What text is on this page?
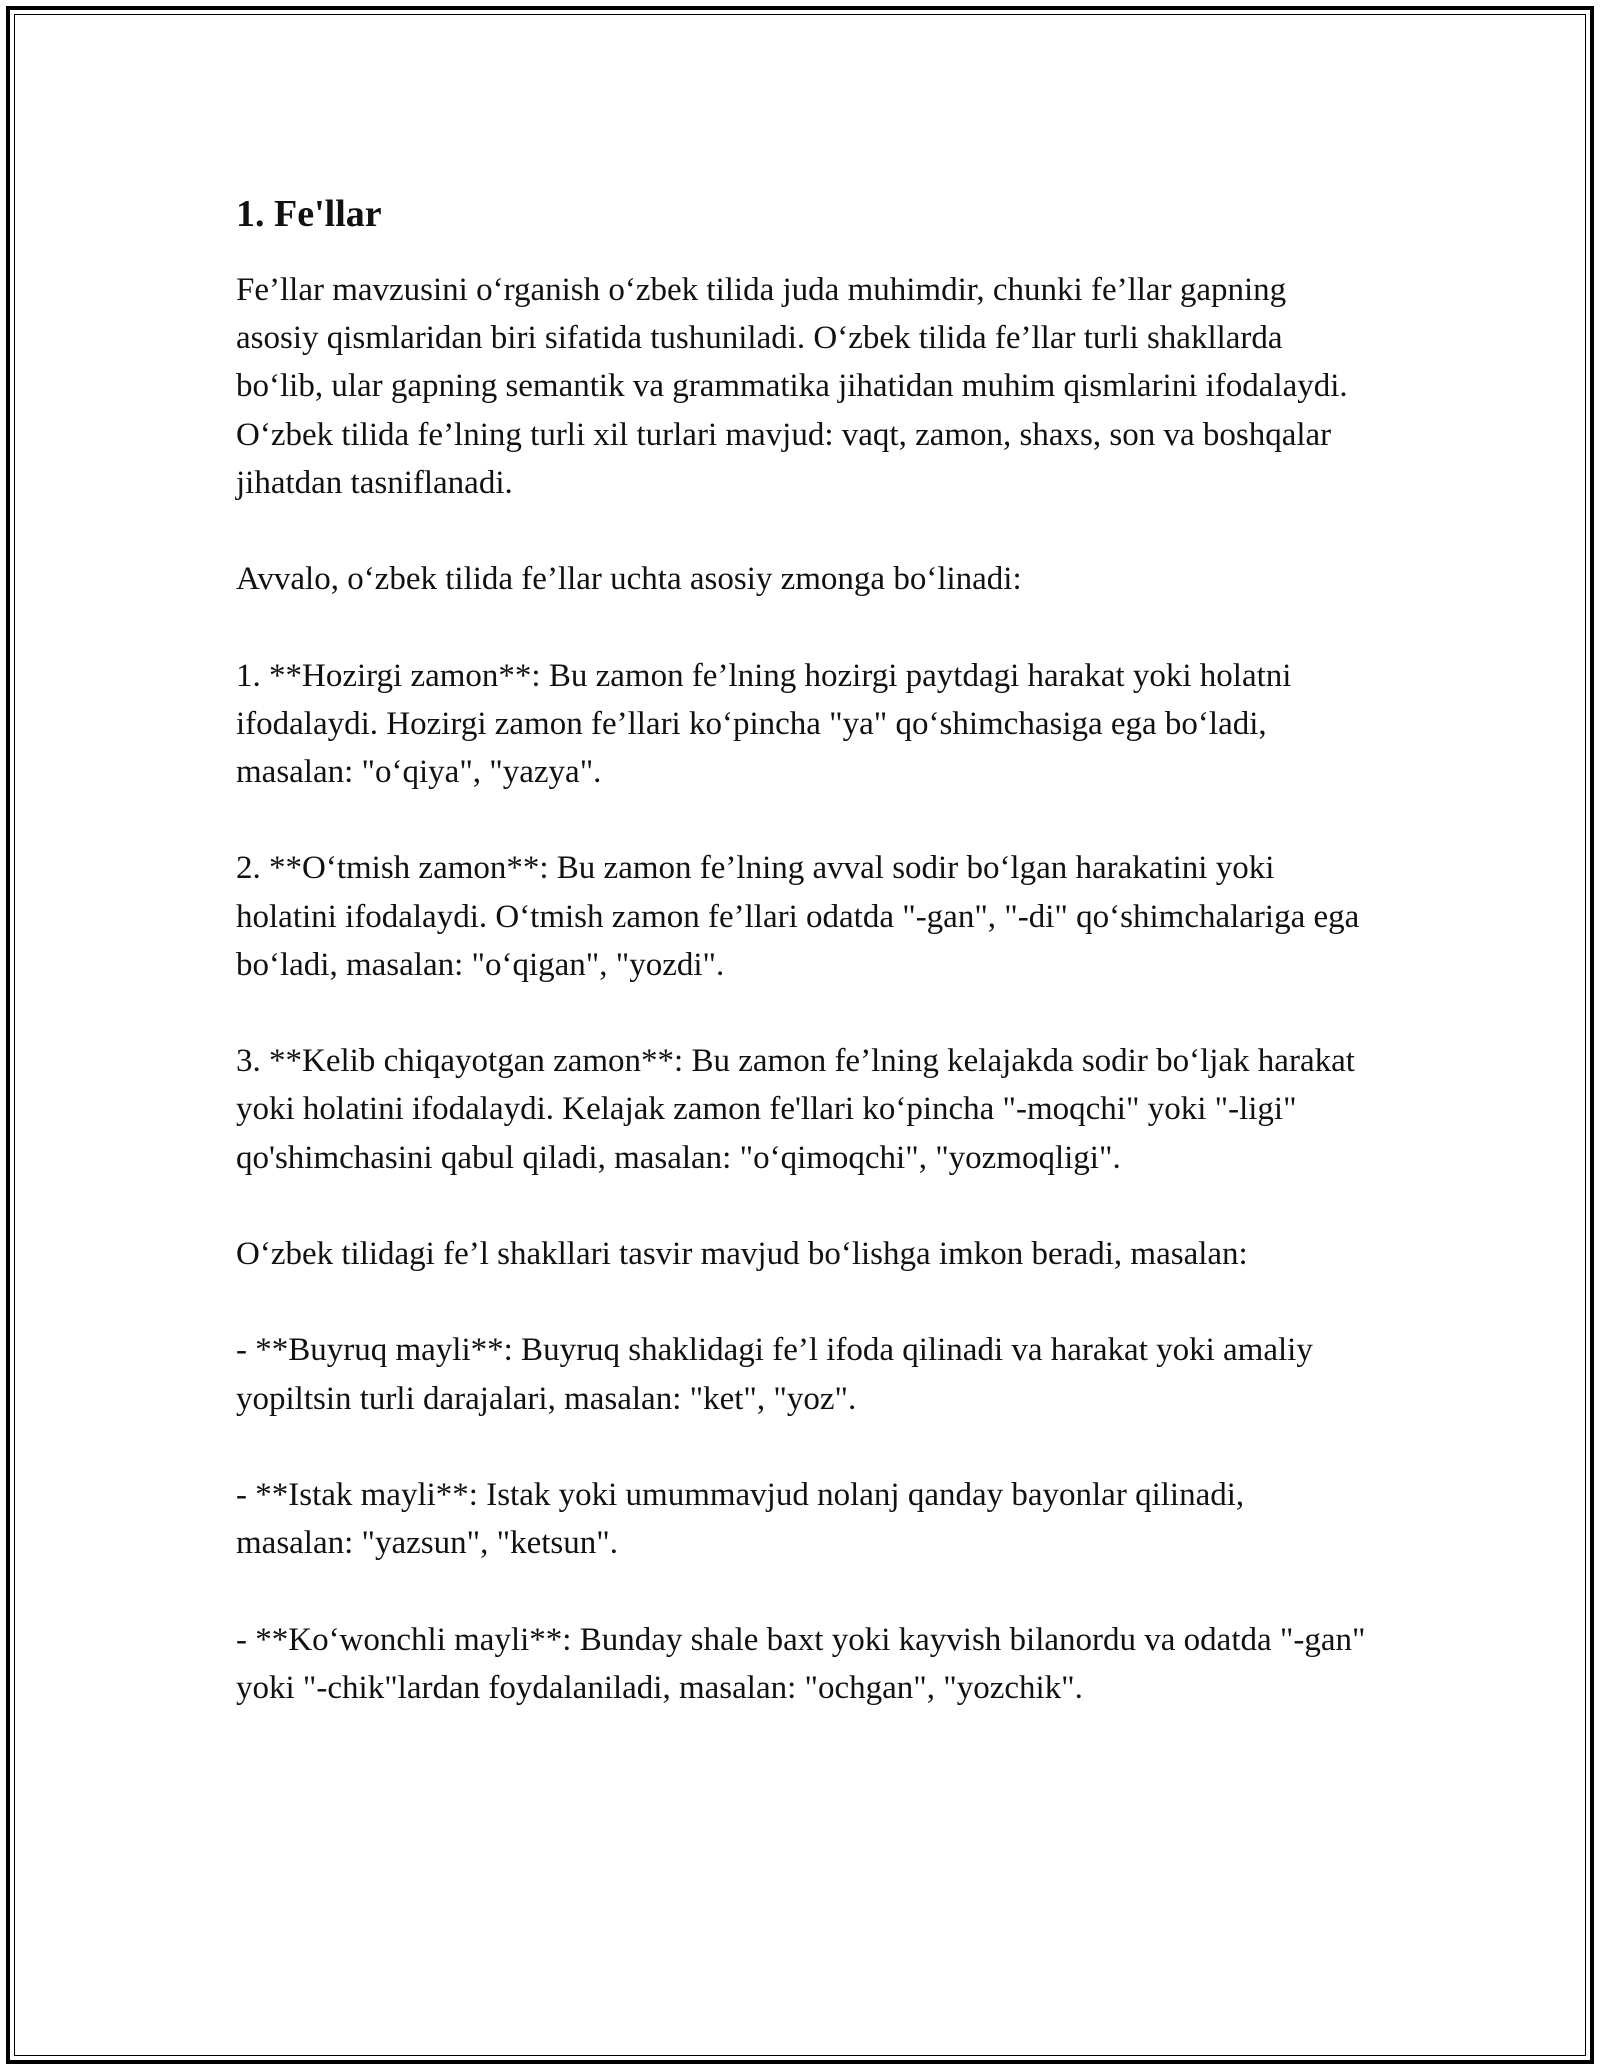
1. Fe'llar

Fe’llar mavzusini o‘rganish o‘zbek tilida juda muhimdir, chunki fe’llar gapning asosiy qismlaridan biri sifatida tushuniladi. O‘zbek tilida fe’llar turli shakllarda bo‘lib, ular gapning semantik va grammatika jihatidan muhim qismlarini ifodalaydi. O‘zbek tilida fe’lning turli xil turlari mavjud: vaqt, zamon, shaxs, son va boshqalar jihatdan tasniflanadi.

Avvalo, o‘zbek tilida fe’llar uchta asosiy zmonga bo‘linadi:

1. **Hozirgi zamon**: Bu zamon fe’lning hozirgi paytdagi harakat yoki holatni ifodalaydi. Hozirgi zamon fe’llari ko‘pincha "ya" qo‘shimchasiga ega bo‘ladi, masalan: "o‘qiya", "yazya".

2. **O‘tmish zamon**: Bu zamon fe’lning avval sodir bo‘lgan harakatini yoki holatini ifodalaydi. O‘tmish zamon fe’llari odatda "-gan", "-di" qo‘shimchalariga ega bo‘ladi, masalan: "o‘qigan", "yozdi".

3. **Kelib chiqayotgan zamon**: Bu zamon fe’lning kelajakda sodir bo‘ljak harakat yoki holatini ifodalaydi. Kelajak zamon fe'llari ko‘pincha "-moqchi" yoki "-ligi" qo'shimchasini qabul qiladi, masalan: "o‘qimoqchi", "yozmoqligi".

O‘zbek tilidagi fe’l shakllari tasvir mavjud bo‘lishga imkon beradi, masalan:

- **Buyruq mayli**: Buyruq shaklidagi fe’l ifoda qilinadi va harakat yoki amaliy yopiltsin turli darajalari, masalan: "ket", "yoz".

- **Istak mayli**: Istak yoki umummavjud nolanj qanday bayonlar qilinadi, masalan: "yazsun", "ketsun".

- **Ko‘wonchli mayli**: Bunday shale baxt yoki kayvish bilanordu va odatda "-gan" yoki "-chik"lardan foydalaniladi, masalan: "ochgan", "yozchik".
